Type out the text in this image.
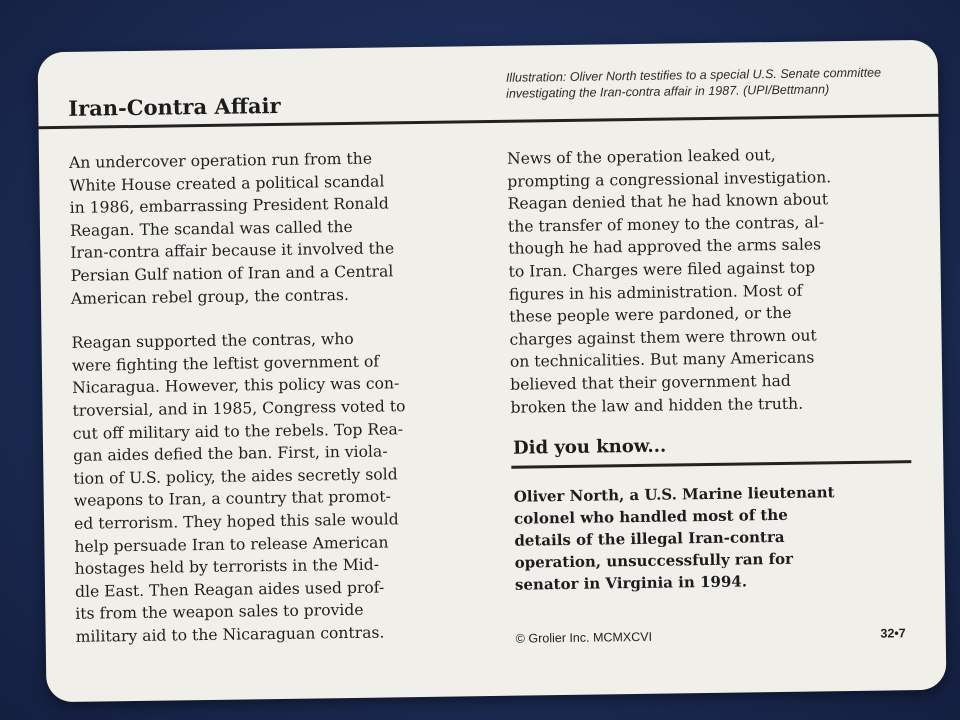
Iran-Contra Affair
Illustration: Oliver North testifies to a special U.S. Senate committee investigating the Iran-contra affair in 1987. (UPI/Bettmann)

An undercover operation run from the
White House created a political scandal
in 1986, embarrassing President Ronald
Reagan. The scandal was called the
Iran-contra affair because it involved the
Persian Gulf nation of Iran and a Central
American rebel group, the contras.

Reagan supported the contras, who
were fighting the leftist government of
Nicaragua. However, this policy was con-
troversial, and in 1985, Congress voted to
cut off military aid to the rebels. Top Rea-
gan aides defied the ban. First, in viola-
tion of U.S. policy, the aides secretly sold
weapons to Iran, a country that promot-
ed terrorism. They hoped this sale would
help persuade Iran to release American
hostages held by terrorists in the Mid-
dle East. Then Reagan aides used prof-
its from the weapon sales to provide
military aid to the Nicaraguan contras.

News of the operation leaked out,
prompting a congressional investigation.
Reagan denied that he had known about
the transfer of money to the contras, al-
though he had approved the arms sales
to Iran. Charges were filed against top
figures in his administration. Most of
these people were pardoned, or the
charges against them were thrown out
on technicalities. But many Americans
believed that their government had
broken the law and hidden the truth.

Did you know...

Oliver North, a U.S. Marine lieutenant
colonel who handled most of the
details of the illegal Iran-contra
operation, unsuccessfully ran for
senator in Virginia in 1994.

© Grolier Inc. MCMXCVI	32•7
